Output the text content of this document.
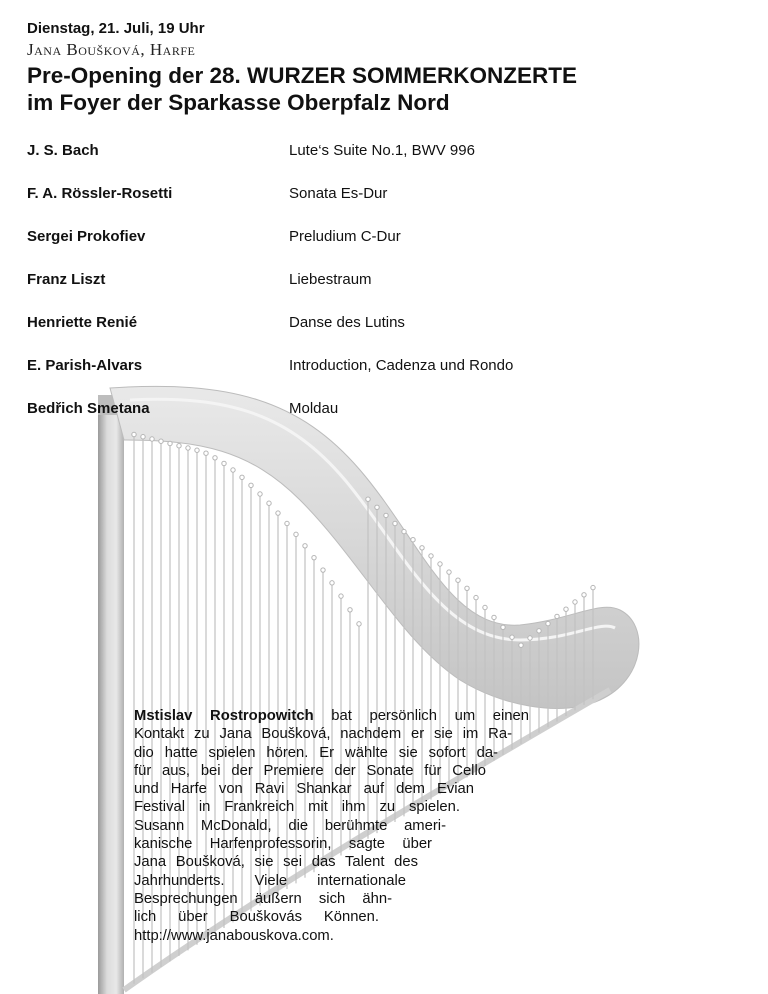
Dienstag, 21. Juli, 19 Uhr
Jana Boušková, Harfe
Pre-Opening der 28. WURZER SOMMERKONZERTE
im Foyer der Sparkasse Oberpfalz Nord
J. S. Bach	Lute‘s Suite No.1, BWV 996
F. A. Rössler-Rosetti	Sonata Es-Dur
Sergei Prokofiev	Preludium C-Dur
Franz Liszt	Liebestraum
Henriette Renié	Danse des Lutins
E. Parish-Alvars	Introduction, Cadenza und Rondo
Bedřich Smetana	Moldau
Mstislav Rostropowitch bat persönlich um einen
Kontakt zu Jana Boušková, nachdem er sie im Ra-
dio hatte spielen hören. Er wählte sie sofort da-
für aus, bei der Premiere der Sonate für Cello
und Harfe von Ravi Shankar auf dem Evian
Festival in Frankreich mit ihm zu spielen.
Susann McDonald, die berühmte ameri-
kanische Harfenprofessorin, sagte über
Jana Boušková, sie sei das Talent des
Jahrhunderts. Viele internationale
Besprechungen äußern sich ähn-
lich über Bouškovás Können.
http://www.janabouskova.com.
